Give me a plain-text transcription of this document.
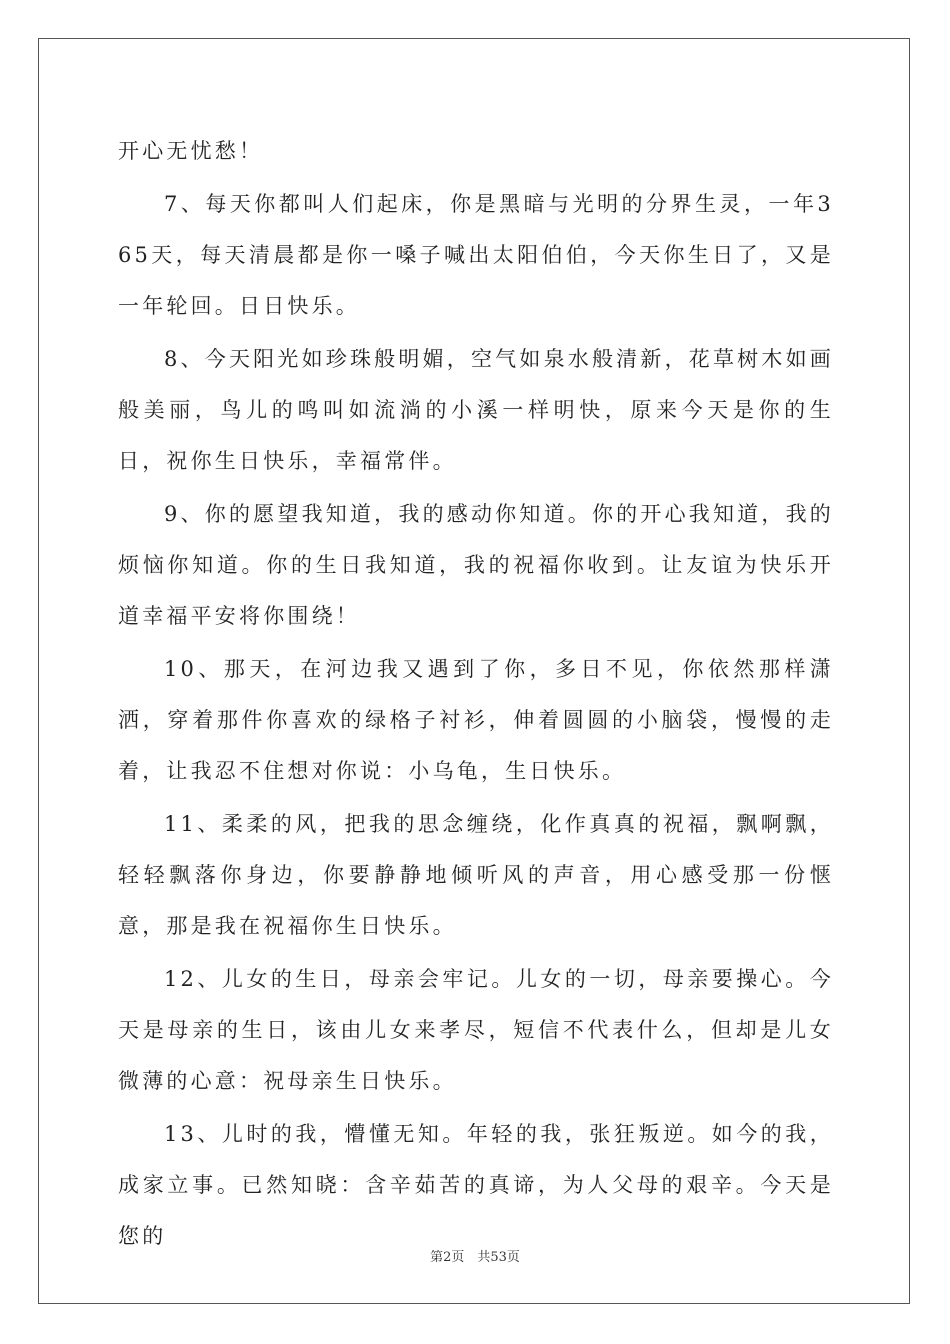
开心无忧愁！

7、每天你都叫人们起床，你是黑暗与光明的分界生灵，一年365天，每天清晨都是你一嗓子喊出太阳伯伯，今天你生日了，又是一年轮回。日日快乐。

8、今天阳光如珍珠般明媚，空气如泉水般清新，花草树木如画般美丽，鸟儿的鸣叫如流淌的小溪一样明快，原来今天是你的生日，祝你生日快乐，幸福常伴。

9、你的愿望我知道，我的感动你知道。你的开心我知道，我的烦恼你知道。你的生日我知道，我的祝福你收到。让友谊为快乐开道幸福平安将你围绕！

10、那天，在河边我又遇到了你，多日不见，你依然那样潇洒，穿着那件你喜欢的绿格子衬衫，伸着圆圆的小脑袋，慢慢的走着，让我忍不住想对你说：小乌龟，生日快乐。

11、柔柔的风，把我的思念缠绕，化作真真的祝福，飘啊飘，轻轻飘落你身边，你要静静地倾听风的声音，用心感受那一份惬意，那是我在祝福你生日快乐。

12、儿女的生日，母亲会牢记。儿女的一切，母亲要操心。今天是母亲的生日，该由儿女来孝尽，短信不代表什么，但却是儿女微薄的心意：祝母亲生日快乐。

13、儿时的我，懵懂无知。年轻的我，张狂叛逆。如今的我，成家立事。已然知晓：含辛茹苦的真谛，为人父母的艰辛。今天是您的

第2页　共53页
